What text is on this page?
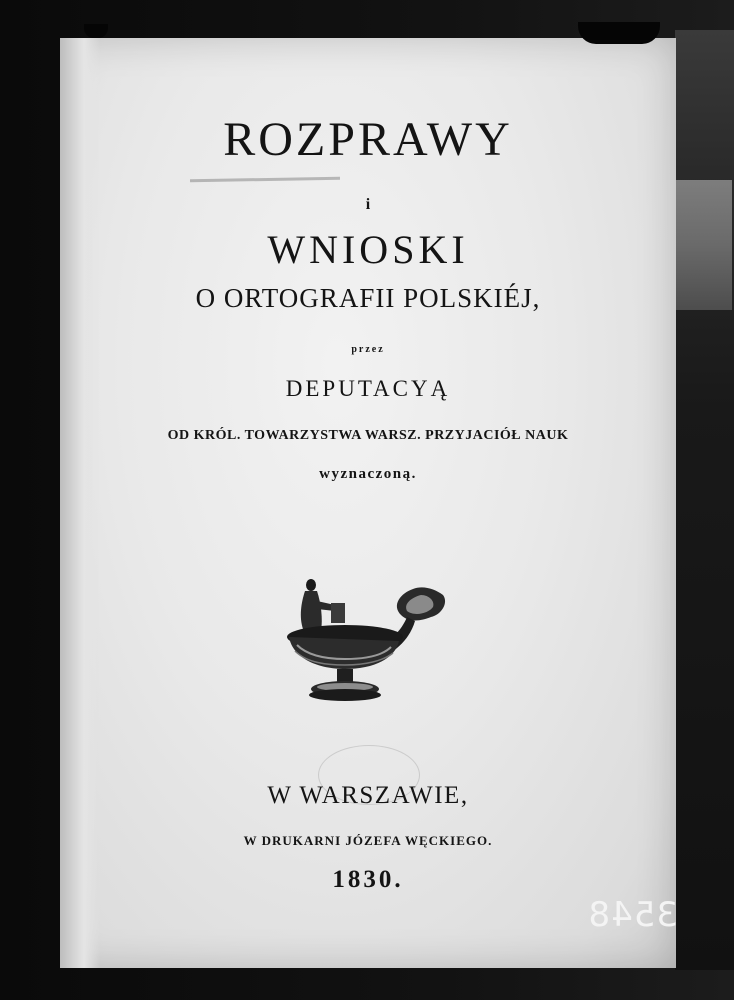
ROZPRAWY
i
WNIOSKI
O ORTOGRAFII POLSKIÉJ,
przez
DEPUTACYĄ
OD KRÓL. TOWARZYSTWA WARSZ. PRZYJACIÓŁ NAUK
wyznaczoną.
W WARSZAWIE,
W DRUKARNI JÓZEFA WĘCKIEGO.
1830.
3548
